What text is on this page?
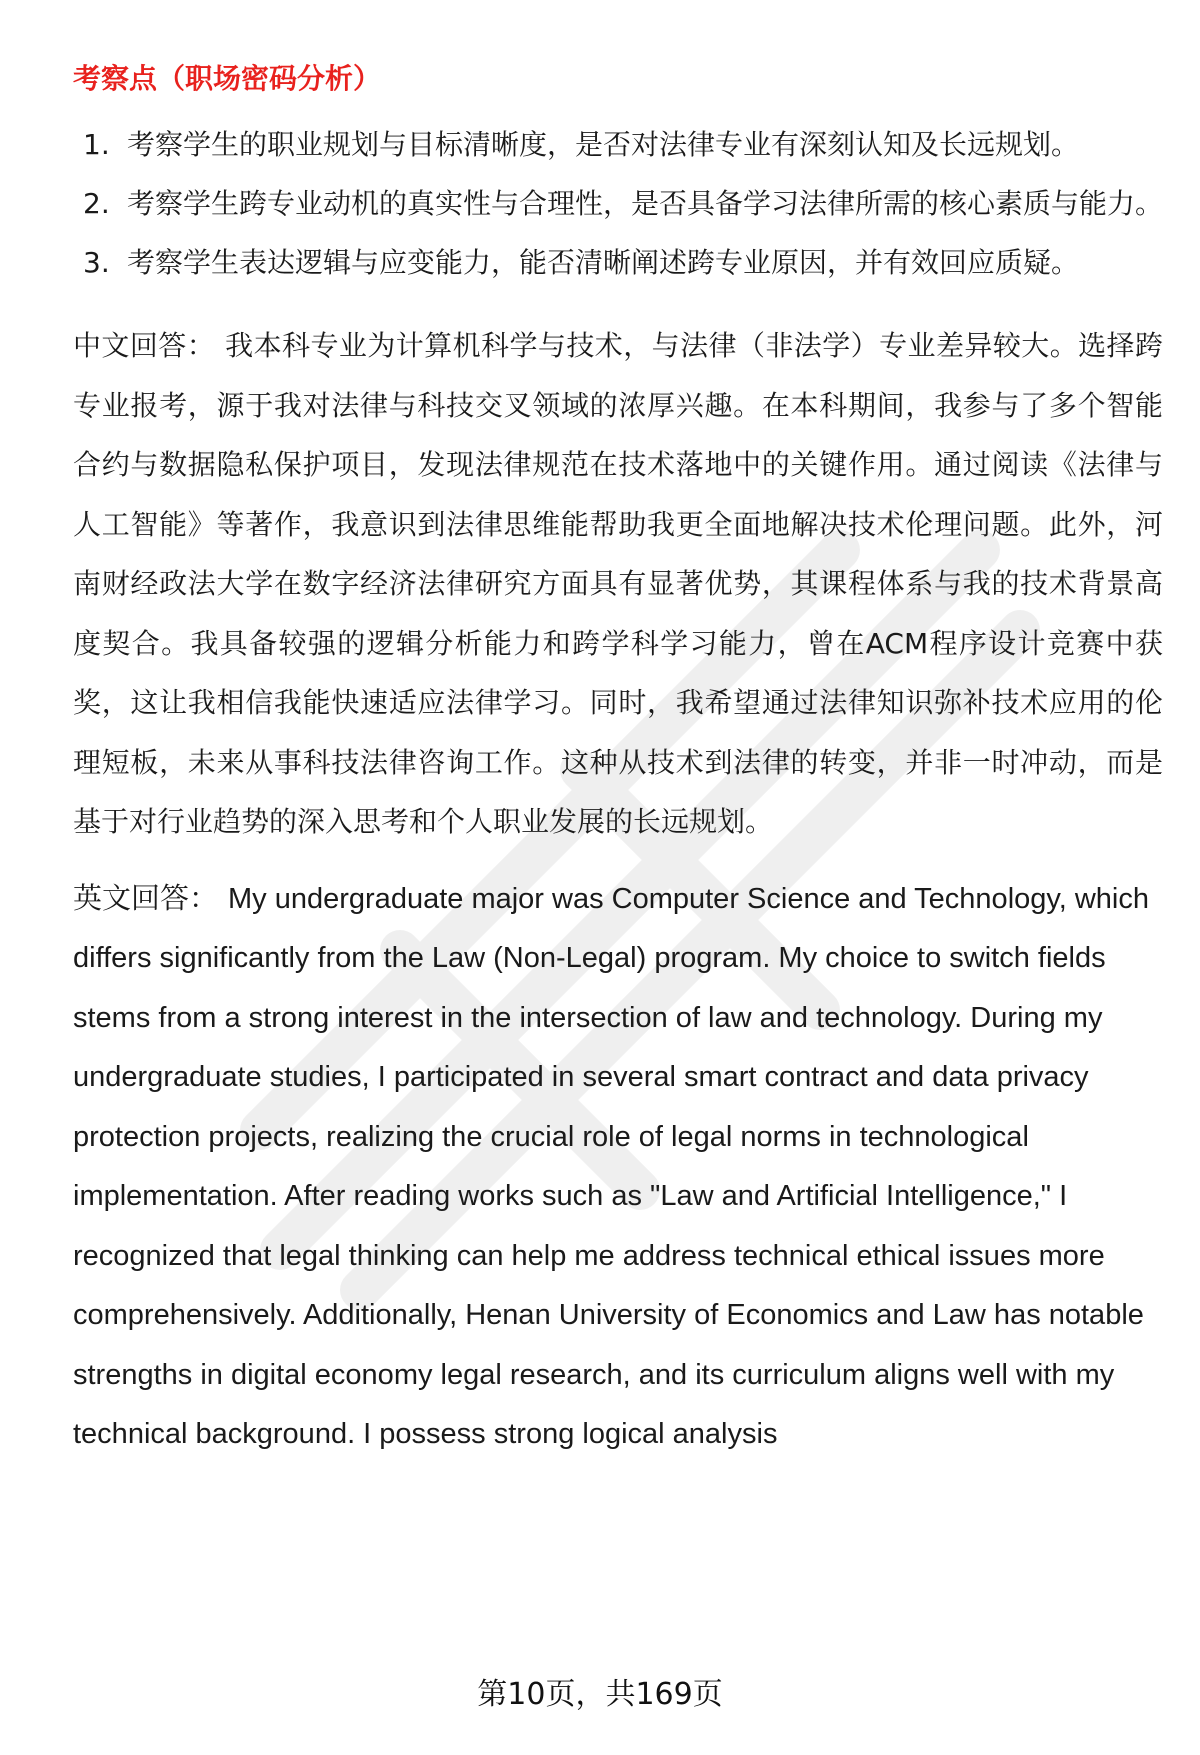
考察点（职场密码分析）
1. 考察学生的职业规划与目标清晰度，是否对法律专业有深刻认知及长远规划。
2. 考察学生跨专业动机的真实性与合理性，是否具备学习法律所需的核心素质与能力。
3. 考察学生表达逻辑与应变能力，能否清晰阐述跨专业原因，并有效回应质疑。

中文回答： 我本科专业为计算机科学与技术，与法律（非法学）专业差异较大。选择跨专业报考，源于我对法律与科技交叉领域的浓厚兴趣。在本科期间，我参与了多个智能合约与数据隐私保护项目，发现法律规范在技术落地中的关键作用。通过阅读《法律与人工智能》等著作，我意识到法律思维能帮助我更全面地解决技术伦理问题。此外，河南财经政法大学在数字经济法律研究方面具有显著优势，其课程体系与我的技术背景高度契合。我具备较强的逻辑分析能力和跨学科学习能力，曾在ACM程序设计竞赛中获奖，这让我相信我能快速适应法律学习。同时，我希望通过法律知识弥补技术应用的伦理短板，未来从事科技法律咨询工作。这种从技术到法律的转变，并非一时冲动，而是基于对行业趋势的深入思考和个人职业发展的长远规划。

英文回答： My undergraduate major was Computer Science and Technology, which differs significantly from the Law (Non-Legal) program. My choice to switch fields stems from a strong interest in the intersection of law and technology. During my undergraduate studies, I participated in several smart contract and data privacy protection projects, realizing the crucial role of legal norms in technological implementation. After reading works such as "Law and Artificial Intelligence," I recognized that legal thinking can help me address technical ethical issues more comprehensively. Additionally, Henan University of Economics and Law has notable strengths in digital economy legal research, and its curriculum aligns well with my technical background. I possess strong logical analysis

第10页，共169页
